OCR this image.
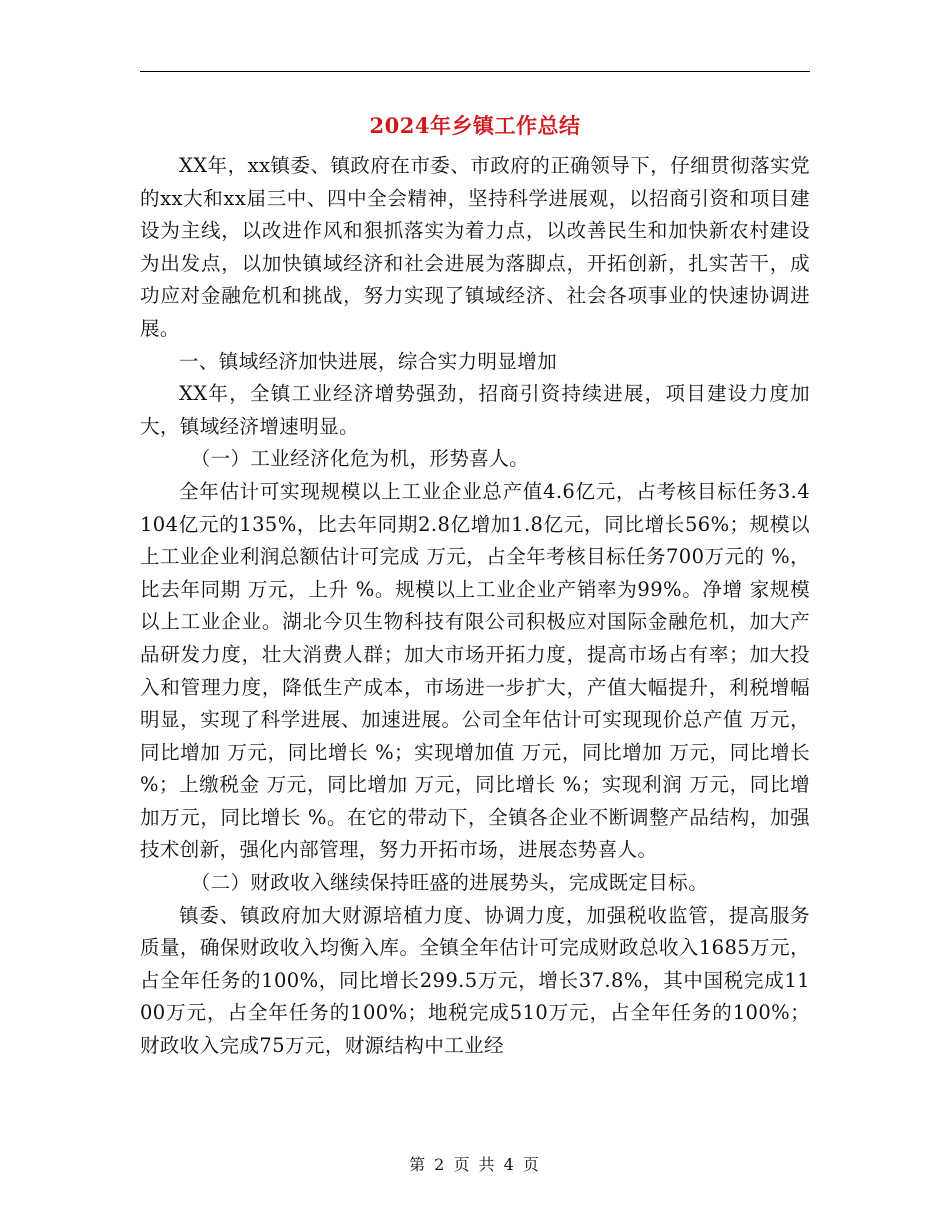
2024年乡镇工作总结

XX年，xx镇委、镇政府在市委、市政府的正确领导下，仔细贯彻落实党的xx大和xx届三中、四中全会精神，坚持科学进展观，以招商引资和项目建设为主线，以改进作风和狠抓落实为着力点，以改善民生和加快新农村建设为出发点，以加快镇域经济和社会进展为落脚点，开拓创新，扎实苦干，成功应对金融危机和挑战，努力实现了镇域经济、社会各项事业的快速协调进展。

一、镇域经济加快进展，综合实力明显增加

XX年，全镇工业经济增势强劲，招商引资持续进展，项目建设力度加大，镇域经济增速明显。

（一）工业经济化危为机，形势喜人。

全年估计可实现规模以上工业企业总产值4.6亿元，占考核目标任务3.4104亿元的135%，比去年同期2.8亿增加1.8亿元，同比增长56%；规模以上工业企业利润总额估计可完成 万元，占全年考核目标任务700万元的 %，比去年同期 万元，上升 %。规模以上工业企业产销率为99%。净增 家规模以上工业企业。湖北今贝生物科技有限公司积极应对国际金融危机，加大产品研发力度，壮大消费人群；加大市场开拓力度，提高市场占有率；加大投入和管理力度，降低生产成本，市场进一步扩大，产值大幅提升，利税增幅明显，实现了科学进展、加速进展。公司全年估计可实现现价总产值 万元，同比增加 万元，同比增长 %；实现增加值 万元，同比增加 万元，同比增长 %；上缴税金 万元，同比增加 万元，同比增长 %；实现利润 万元，同比增加万元，同比增长 %。在它的带动下，全镇各企业不断调整产品结构，加强技术创新，强化内部管理，努力开拓市场，进展态势喜人。

（二）财政收入继续保持旺盛的进展势头，完成既定目标。

镇委、镇政府加大财源培植力度、协调力度，加强税收监管，提高服务质量，确保财政收入均衡入库。全镇全年估计可完成财政总收入1685万元，占全年任务的100%，同比增长299.5万元，增长37.8%，其中国税完成1100万元，占全年任务的100%；地税完成510万元，占全年任务的100%；财政收入完成75万元，财源结构中工业经

第 2 页 共 4 页
